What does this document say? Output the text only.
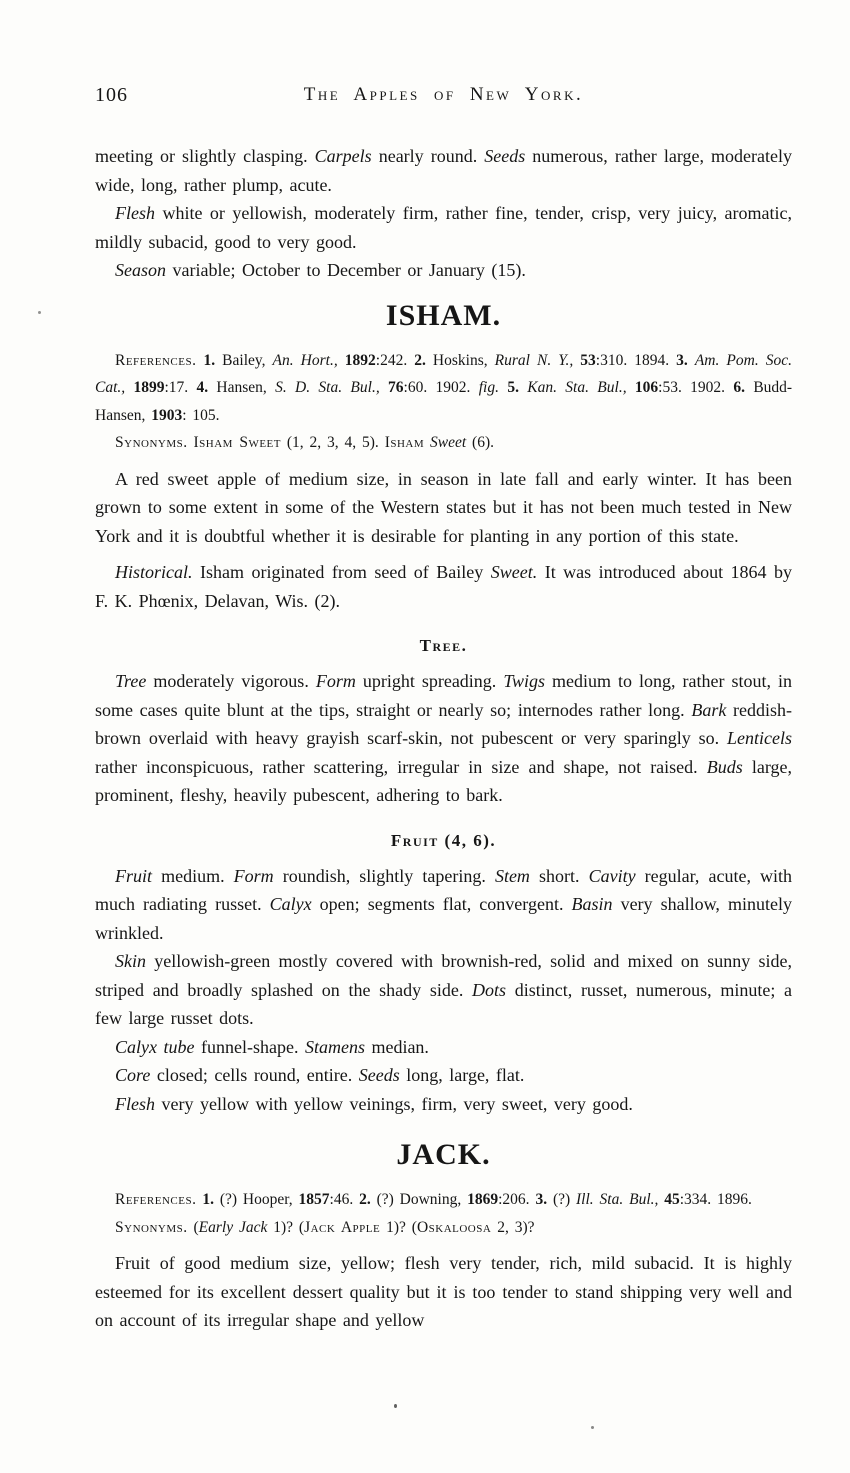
106	The Apples of New York.

meeting or slightly clasping. Carpels nearly round. Seeds numerous, rather large, moderately wide, long, rather plump, acute.

Flesh white or yellowish, moderately firm, rather fine, tender, crisp, very juicy, aromatic, mildly subacid, good to very good.

Season variable; October to December or January (15).

ISHAM.

References. 1. Bailey, An. Hort., 1892:242. 2. Hoskins, Rural N. Y., 53:310. 1894. 3. Am. Pom. Soc. Cat., 1899:17. 4. Hansen, S. D. Sta. Bul., 76:60. 1902. fig. 5. Kan. Sta. Bul., 106:53. 1902. 6. Budd-Hansen, 1903: 105.

Synonyms. Isham Sweet (1, 2, 3, 4, 5). Isham Sweet (6).

A red sweet apple of medium size, in season in late fall and early winter. It has been grown to some extent in some of the Western states but it has not been much tested in New York and it is doubtful whether it is desirable for planting in any portion of this state.

Historical. Isham originated from seed of Bailey Sweet. It was introduced about 1864 by F. K. Phœnix, Delavan, Wis. (2).

Tree.

Tree moderately vigorous. Form upright spreading. Twigs medium to long, rather stout, in some cases quite blunt at the tips, straight or nearly so; internodes rather long. Bark reddish-brown overlaid with heavy grayish scarf-skin, not pubescent or very sparingly so. Lenticels rather inconspicuous, rather scattering, irregular in size and shape, not raised. Buds large, prominent, fleshy, heavily pubescent, adhering to bark.

Fruit (4, 6).

Fruit medium. Form roundish, slightly tapering. Stem short. Cavity regular, acute, with much radiating russet. Calyx open; segments flat, convergent. Basin very shallow, minutely wrinkled.

Skin yellowish-green mostly covered with brownish-red, solid and mixed on sunny side, striped and broadly splashed on the shady side. Dots distinct, russet, numerous, minute; a few large russet dots.

Calyx tube funnel-shape. Stamens median.

Core closed; cells round, entire. Seeds long, large, flat.

Flesh very yellow with yellow veinings, firm, very sweet, very good.

JACK.

References. 1. (?) Hooper, 1857:46. 2. (?) Downing, 1869:206. 3. (?) Ill. Sta. Bul., 45:334. 1896.

Synonyms. (Early Jack 1)? (Jack Apple 1)? (Oskaloosa 2, 3)?

Fruit of good medium size, yellow; flesh very tender, rich, mild subacid. It is highly esteemed for its excellent dessert quality but it is too tender to stand shipping very well and on account of its irregular shape and yellow
